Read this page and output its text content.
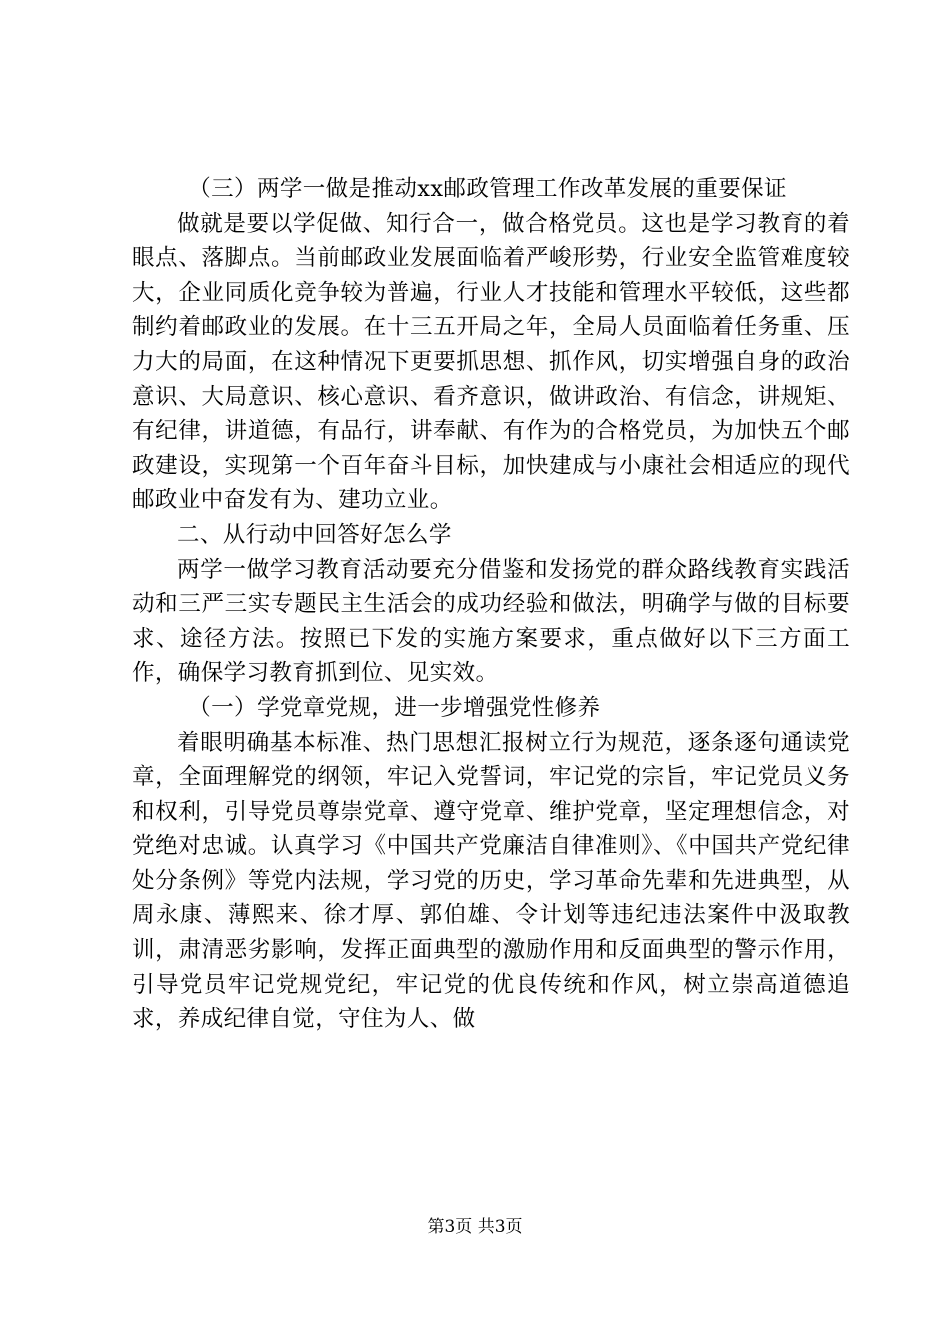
（三）两学一做是推动xx邮政管理工作改革发展的重要保证

做就是要以学促做、知行合一，做合格党员。这也是学习教育的着眼点、落脚点。当前邮政业发展面临着严峻形势，行业安全监管难度较大，企业同质化竞争较为普遍，行业人才技能和管理水平较低，这些都制约着邮政业的发展。在十三五开局之年，全局人员面临着任务重、压力大的局面，在这种情况下更要抓思想、抓作风，切实增强自身的政治意识、大局意识、核心意识、看齐意识，做讲政治、有信念，讲规矩、有纪律，讲道德，有品行，讲奉献、有作为的合格党员，为加快五个邮政建设，实现第一个百年奋斗目标，加快建成与小康社会相适应的现代邮政业中奋发有为、建功立业。

二、从行动中回答好怎么学

两学一做学习教育活动要充分借鉴和发扬党的群众路线教育实践活动和三严三实专题民主生活会的成功经验和做法，明确学与做的目标要求、途径方法。按照已下发的实施方案要求，重点做好以下三方面工作，确保学习教育抓到位、见实效。

（一）学党章党规，进一步增强党性修养

着眼明确基本标准、热门思想汇报树立行为规范，逐条逐句通读党章，全面理解党的纲领，牢记入党誓词，牢记党的宗旨，牢记党员义务和权利，引导党员尊崇党章、遵守党章、维护党章，坚定理想信念，对党绝对忠诚。认真学习《中国共产党廉洁自律准则》、《中国共产党纪律处分条例》等党内法规，学习党的历史，学习革命先辈和先进典型，从周永康、薄熙来、徐才厚、郭伯雄、令计划等违纪违法案件中汲取教训，肃清恶劣影响，发挥正面典型的激励作用和反面典型的警示作用，引导党员牢记党规党纪，牢记党的优良传统和作风，树立崇高道德追求，养成纪律自觉，守住为人、做

第3页 共3页
